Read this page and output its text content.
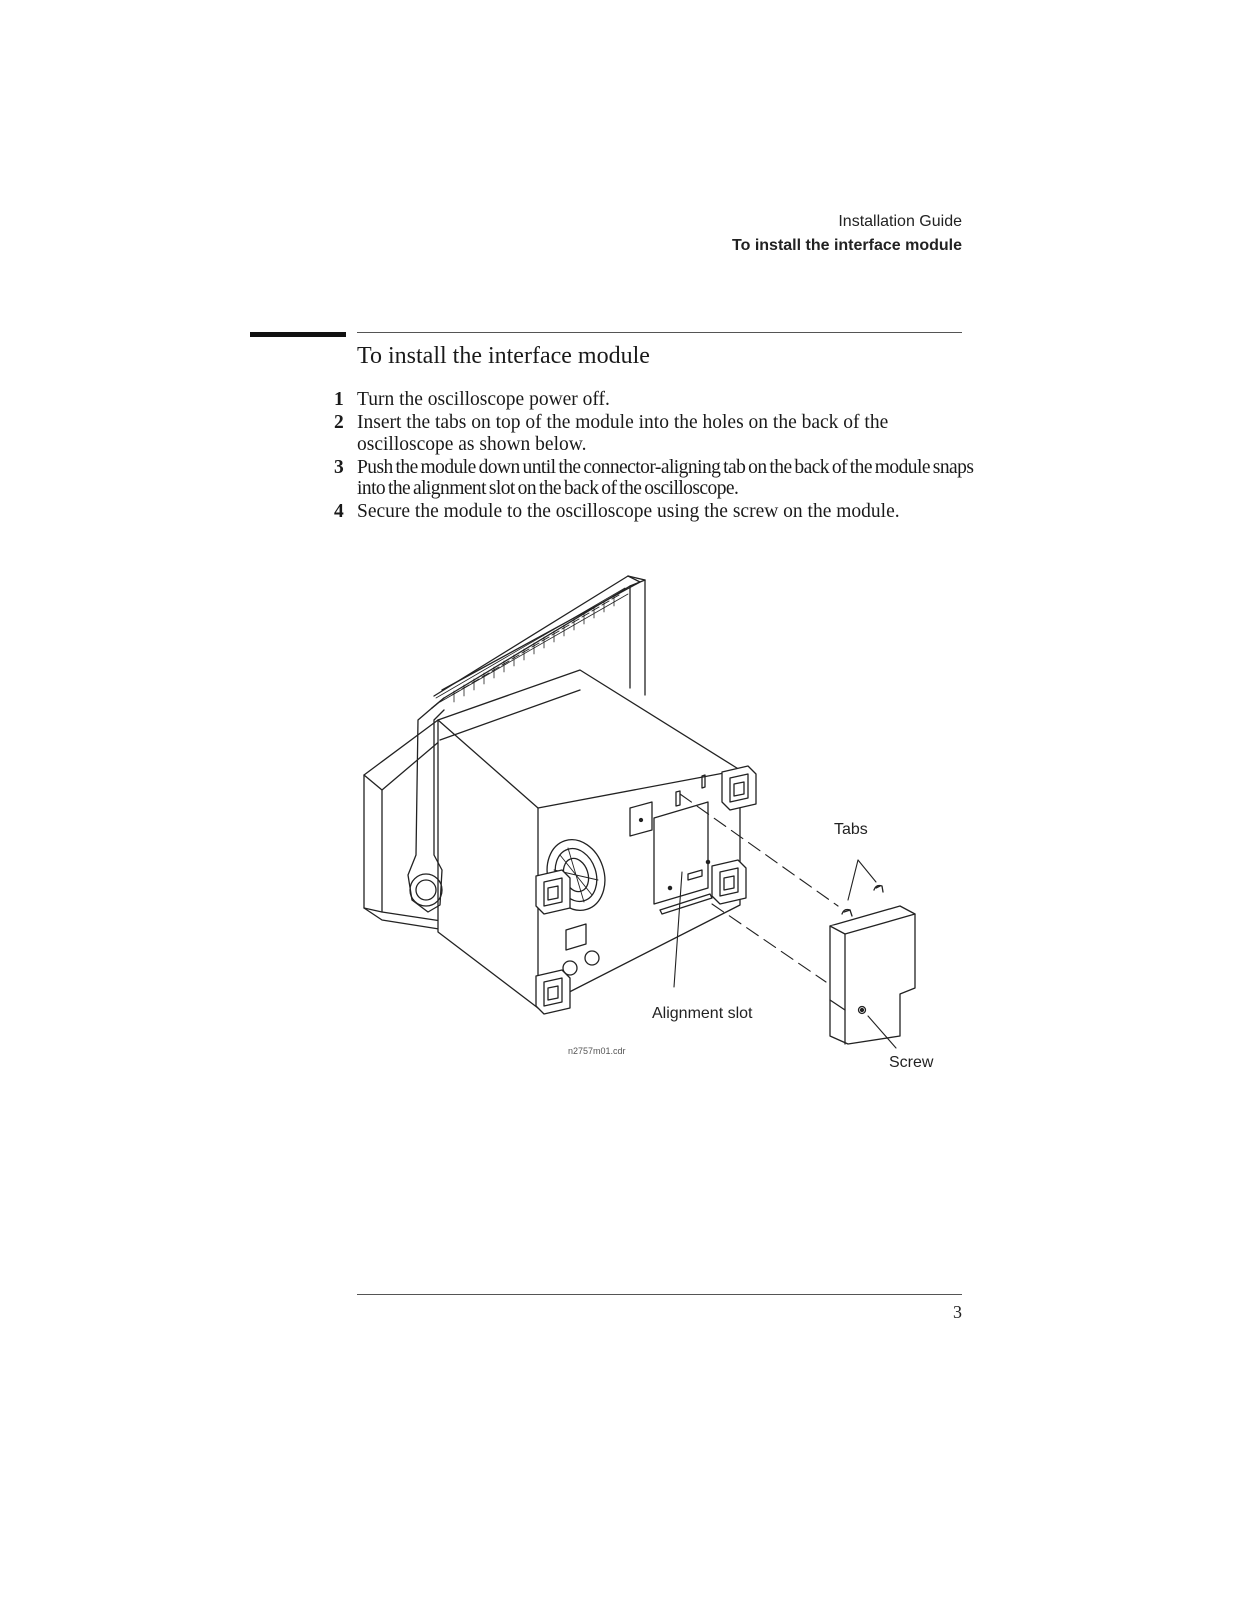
Installation Guide
To install the interface module
To install the interface module
1 Turn the oscilloscope power off.
2 Insert the tabs on top of the module into the holes on the back of the oscilloscope as shown below.
3 Push the module down until the connector-aligning tab on the back of the module snaps into the alignment slot on the back of the oscilloscope.
4 Secure the module to the oscilloscope using the screw on the module.
Tabs
Alignment slot
Screw
n2757m01.cdr
3
